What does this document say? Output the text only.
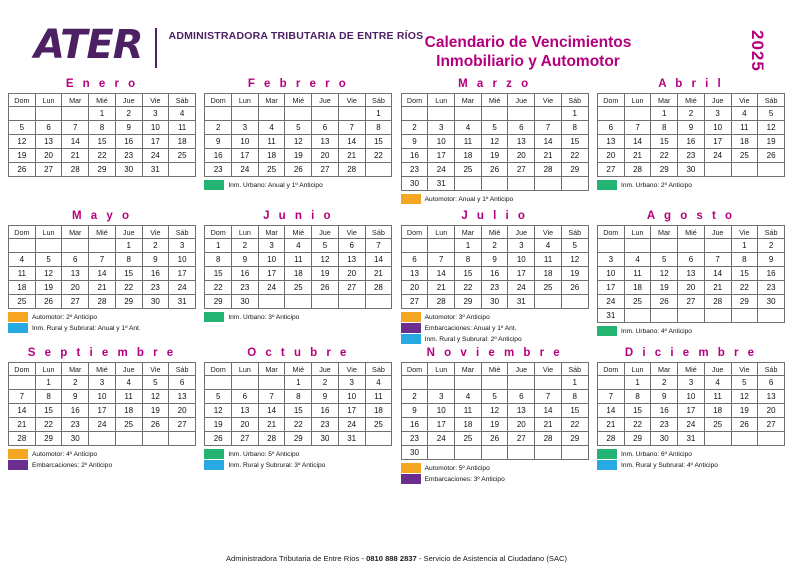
ATER ADMINISTRADORA TRIBUTARIA DE ENTRE RÍOS Calendario de Vencimientos
Inmobiliario y Automotor	2025
E n e r o
Dom	Lun	Mar	Mié	Jue	Vie	Sáb
			1	2	3	4
5	6	7	8	9	10	11
12	13	14	15	16	17	18
19	20	21	22	23	24	25
26	27	28	29	30	31	
F e b r e r o
Dom	Lun	Mar	Mié	Jue	Vie	Sáb
						1
2	3	4	5	6	7	8
9	10	11	12	13	14	15
16	17	18	19	20	21	22
23	24	25	26	27	28	
Inm. Urbano: Anual y 1º Anticipo
M a r z o
Dom	Lun	Mar	Mié	Jue	Vie	Sáb
						1
2	3	4	5	6	7	8
9	10	11	12	13	14	15
16	17	18	19	20	21	22
23	24	25	26	27	28	29
30	31					
Automotor: Anual y 1º Anticipo
A b r i l
Dom	Lun	Mar	Mié	Jue	Vie	Sáb
		1	2	3	4	5
6	7	8	9	10	11	12
13	14	15	16	17	18	19
20	21	22	23	24	25	26
27	28	29	30			
Inm. Urbano: 2º Anticipo
M a y o
Dom	Lun	Mar	Mié	Jue	Vie	Sáb
				1	2	3
4	5	6	7	8	9	10
11	12	13	14	15	16	17
18	19	20	21	22	23	24
25	26	27	28	29	30	31
Automotor: 2º Anticipo
Inm. Rural y Subrural: Anual y 1º Ant.
J u n i o
Dom	Lun	Mar	Mié	Jue	Vie	Sáb
1	2	3	4	5	6	7
8	9	10	11	12	13	14
15	16	17	18	19	20	21
22	23	24	25	26	27	28
29	30					
Inm. Urbano: 3º Anticipo
J u l i o
Dom	Lun	Mar	Mié	Jue	Vie	Sáb
		1	2	3	4	5
6	7	8	9	10	11	12
13	14	15	16	17	18	19
20	21	22	23	24	25	26
27	28	29	30	31		
Automotor: 3º Anticipo
Embarcaciones: Anual y 1º Ant.
Inm. Rural y Subrural: 2º Anticipo
A g o s t o
Dom	Lun	Mar	Mié	Jue	Vie	Sáb
					1	2
3	4	5	6	7	8	9
10	11	12	13	14	15	16
17	18	19	20	21	22	23
24	25	26	27	28	29	30
31						
Inm. Urbano: 4º Anticipo
S e p t i e m b r e
Dom	Lun	Mar	Mié	Jue	Vie	Sáb
	1	2	3	4	5	6
7	8	9	10	11	12	13
14	15	16	17	18	19	20
21	22	23	24	25	26	27
28	29	30				
Automotor: 4º Anticipo
Embarcaciones: 2º Anticipo
O c t u b r e
Dom	Lun	Mar	Mié	Jue	Vie	Sáb
			1	2	3	4
5	6	7	8	9	10	11
12	13	14	15	16	17	18
19	20	21	22	23	24	25
26	27	28	29	30	31	
Inm. Urbano: 5º Anticipo
Inm. Rural y Subrural: 3º Anticipo
N o v i e m b r e
Dom	Lun	Mar	Mié	Jue	Vie	Sáb
						1
2	3	4	5	6	7	8
9	10	11	12	13	14	15
16	17	18	19	20	21	22
23	24	25	26	27	28	29
30						
Automotor: 5º Anticipo
Embarcaciones: 3º Anticipo
D i c i e m b r e
Dom	Lun	Mar	Mié	Jue	Vie	Sáb
	1	2	3	4	5	6
7	8	9	10	11	12	13
14	15	16	17	18	19	20
21	22	23	24	25	26	27
28	29	30	31			
Inm. Urbano: 6º Anticipo
Inm. Rural y Subrural: 4º Anticipo
Administradora Tributaria de Entre Ríos - 0810 888 2837 - Servicio de Asistencia al Ciudadano (SAC)
